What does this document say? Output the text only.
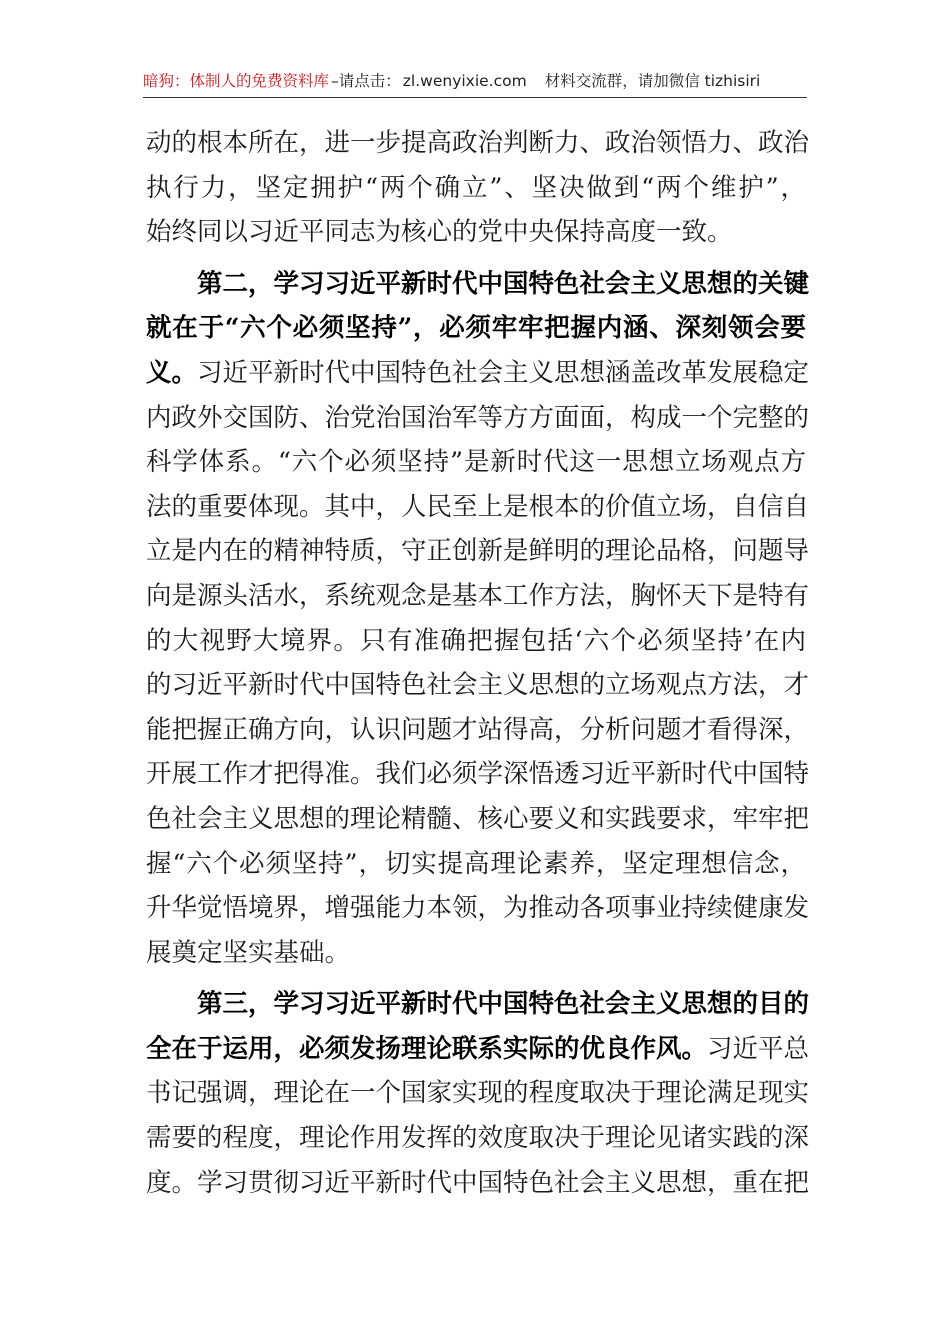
暗狗：体制人的免费资料库 –请点击： zl.wenyixie.com 材料交流群，请加微信 tizhisiri
动的根本所在，进一步提高政治判断力、政治领悟力、政治
执行力，坚定拥护“两个确立”、坚决做到“两个维护”，
始终同以习近平同志为核心的党中央保持高度一致。
第二，学习习近平新时代中国特色社会主义思想的关键
就在于“六个必须坚持”，必须牢牢把握内涵、深刻领会要
义。习近平新时代中国特色社会主义思想涵盖改革发展稳定
内政外交国防、治党治国治军等方方面面，构成一个完整的
科学体系。“六个必须坚持”是新时代这一思想立场观点方
法的重要体现。其中，人民至上是根本的价值立场，自信自
立是内在的精神特质，守正创新是鲜明的理论品格，问题导
向是源头活水，系统观念是基本工作方法，胸怀天下是特有
的大视野大境界。只有准确把握包括‘六个必须坚持’在内
的习近平新时代中国特色社会主义思想的立场观点方法，才
能把握正确方向，认识问题才站得高，分析问题才看得深，
开展工作才把得准。我们必须学深悟透习近平新时代中国特
色社会主义思想的理论精髓、核心要义和实践要求，牢牢把
握“六个必须坚持”，切实提高理论素养，坚定理想信念，
升华觉悟境界，增强能力本领，为推动各项事业持续健康发
展奠定坚实基础。
第三，学习习近平新时代中国特色社会主义思想的目的
全在于运用，必须发扬理论联系实际的优良作风。习近平总
书记强调，理论在一个国家实现的程度取决于理论满足现实
需要的程度，理论作用发挥的效度取决于理论见诸实践的深
度。学习贯彻习近平新时代中国特色社会主义思想，重在把
